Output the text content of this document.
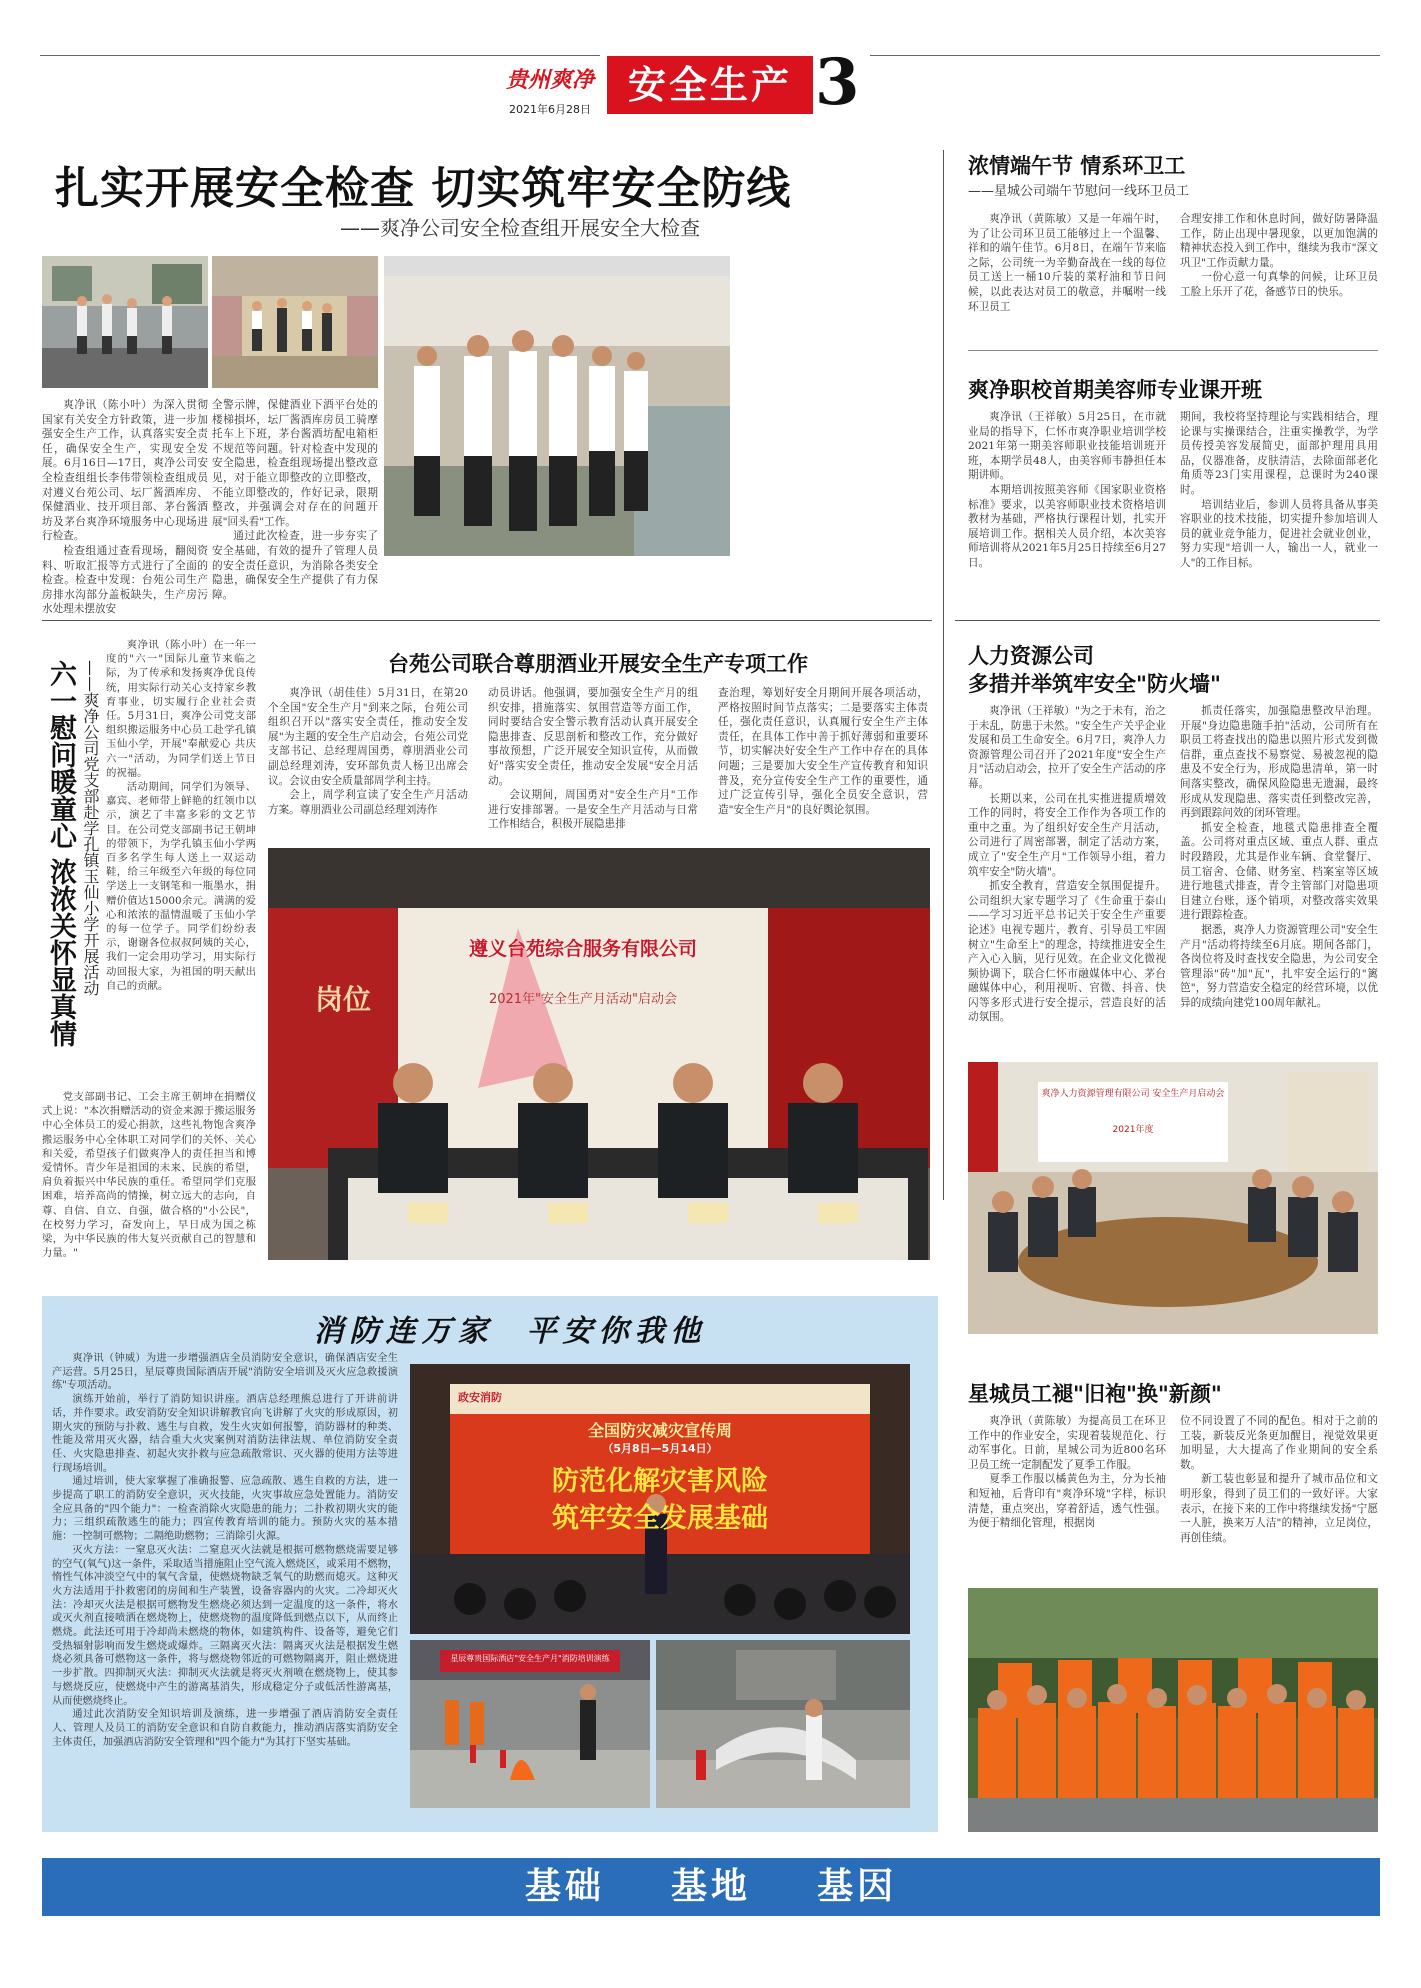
贵州爽净
2021年6月28日
安全生产 3
扎实开展安全检查 切实筑牢安全防线
——爽净公司安全检查组开展安全大检查

爽净讯（陈小叶）为深入贯彻国家有关安全方针政策，进一步加强安全生产工作，认真落实安全责任，确保安全生产，实现安全发展。6月16日—17日，爽净公司安全检查组组长李伟带领检查组成员对遵义台苑公司、坛厂酱酒库房、保健酒业、技开项目部、茅台酱酒坊及茅台爽净环境服务中心现场进行检查。

检查组通过查看现场，翻阅资料、听取汇报等方式进行了全面的检查。检查中发现：台苑公司生产房排水沟部分盖板缺失，生产房污水处理未摆放安

全警示牌，保健酒业下酒平台处的楼梯損坏，坛厂酱酒库房员工骑摩托车上下班，茅台酱酒坊配电箱柜不规范等问题。针对检查中发现的安全隐患，检查组现场提出整改意见，对于能立即整改的立即整改，不能立即整改的，作好记录，限期整改，并强调会对存在的问题开展"回头看"工作。

通过此次检查，进一步夯实了安全基础，有效的提升了管理人员的安全责任意识，为消除各类安全隐患，确保安全生产提供了有力保障。

浓情端午节 情系环卫工
——星城公司端午节慰问一线环卫员工

爽净讯（黄陈敏）又是一年端午时，为了让公司环卫员工能够过上一个温馨、祥和的端午佳节。6月8日，在端午节来临之际，公司统一为辛勤奋战在一线的每位员工送上一桶10斤装的菜籽油和节日问候，以此表达对员工的敬意，并嘱咐一线环卫员工

合理安排工作和休息时间，做好防暑降温工作，防止出现中暑现象，以更加饱满的精神状态投入到工作中，继续为我市"深文巩卫"工作贡献力量。

一份心意一句真挚的问候，让环卫员工脸上乐开了花，备感节日的快乐。

爽净职校首期美容师专业课开班

爽净讯（王祥敏）5月25日，在市就业局的指导下，仁怀市爽净职业培训学校2021年第一期美容师职业技能培训班开班，本期学员48人，由美容师韦静担任本期讲师。

本期培训按照美容师《国家职业资格标准》要求，以美容师职业技术资格培训教材为基础，严格执行课程计划，扎实开展培训工作。据相关人员介绍，本次美容师培训将从2021年5月25日持续至6月27日。

期间，我校将坚持理论与实践相结合，理论课与实操课结合，注重实操教学，为学员传授美容发展简史，面部护理用具用品，仪器准备，皮肤清洁，去除面部老化角质等23门实用课程，总课时为240课时。

培训结业后，参训人员将具备从事美容职业的技术技能，切实提升参加培训人员的就业竞争能力，促进社会就业创业，努力实现"培训一人，输出一人，就业一人"的工作目标。

六一慰问暖童心 浓浓关怀显真情 ——爽净公司党支部赴学孔镇玉仙小学开展活动

爽净讯（陈小叶）在一年一度的"六一"国际儿童节来临之际，为了传承和发扬爽净优良传统，用实际行动关心支持家乡教育事业，切实履行企业社会责任。5月31日，爽净公司党支部组织搬运服务中心员工赴学孔镇玉仙小学，开展"奉献爱心 共庆六一"活动，为同学们送上节日的祝福。

活动期间，同学们为领导、嘉宾、老师带上鲜艳的红领巾以示，演艺了丰富多彩的文艺节目。在公司党支部副书记王朝坤的带领下，为学孔镇玉仙小学两百多名学生每人送上一双运动鞋，给三年级至六年级的每位同学送上一支钢笔和一瓶墨水，捐赠价值达15000余元。满满的爱心和浓浓的温情温暖了玉仙小学的每一位学子。同学们纷纷表示，谢谢各位叔叔阿姨的关心，我们一定会用功学习，用实际行动回报大家，为祖国的明天献出自己的贡献。

党支部副书记、工会主席王朝坤在捐赠仪式上说："本次捐赠活动的资金来源于搬运服务中心全体员工的爱心捐款，这些礼物饱含爽净搬运服务中心全体职工对同学们的关怀、关心和关爱，希望孩子们做爽净人的责任担当和博爱情怀。青少年是祖国的未来、民族的希望，肩负着振兴中华民族的重任。希望同学们克服困难，培养高尚的情操，树立远大的志向，自尊、自信、自立、自强，做合格的"小公民"，在校努力学习，奋发向上，早日成为国之栋梁，为中华民族的伟大复兴贡献自己的智慧和力量。"

台苑公司联合尊朋酒业开展安全生产专项工作

爽净讯（胡佳佳）5月31日，在第20个全国"安全生产月"到来之际，台苑公司组织召开以"落实安全责任，推动安全发展"为主题的安全生产启动会，台苑公司党支部书记、总经理周国勇，尊朋酒业公司副总经理刘涛，安环部负责人杨卫出席会议。会议由安全质量部周学利主持。

会上，周学利宣读了安全生产月活动方案。尊朋酒业公司副总经理刘涛作

动员讲话。他强调，要加强安全生产月的组织安排，措施落实、氛围营造等方面工作，同时要结合安全警示教育活动认真开展安全隐患排查、反思剖析和整改工作，充分做好事故预想，广泛开展安全知识宣传，从而做好"落实安全责任，推动安全发展"安全月活动。

会议期间，周国勇对"安全生产月"工作进行安排部署。一是安全生产月活动与日常工作相结合，积极开展隐患排

查治理，筹划好安全月期间开展各项活动，严格按照时间节点落实；二是要落实主体责任，强化责任意识，认真履行安全生产主体责任，在具体工作中善于抓好薄弱和重要环节，切实解决好安全生产工作中存在的具体问题；三是要加大安全生产宣传教育和知识普及，充分宣传安全生产工作的重要性，通过广泛宣传引导，强化全员安全意识，营造"安全生产月"的良好舆论氛围。

遵义台苑综合服务有限公司
2021年"安全生产月活动"启动会
岗位
人力资源公司
多措并举筑牢安全"防火墙"

爽净讯（王祥敏）"为之于未有，治之于未乱，防患于未然。"安全生产关乎企业发展和员工生命安全。6月7日，爽净人力资源管理公司召开了2021年度"安全生产月"活动启动会，拉开了安全生产活动的序幕。

长期以来，公司在扎实推进提质增效工作的同时，将安全工作作为各项工作的重中之重。为了组织好安全生产月活动，公司进行了周密部署，制定了活动方案，成立了"安全生产月"工作领导小组，着力筑牢安全"防火墙"。

抓安全教育，营造安全氛围促提升。公司组织大家专题学习了《生命重于泰山——学习习近平总书记关于安全生产重要论述》电视专题片，教育、引导员工牢固树立"生命至上"的理念，持续推进安全生产入心入脑，见行见效。在企业文化微视频协调下，联合仁怀市融媒体中心、茅台融媒体中心，利用视听、官微、抖音、快闪等多形式进行安全提示，营造良好的活动氛围。

抓责任落实，加强隐患整改早治理。开展"身边隐患随手拍"活动，公司所有在职员工将查找出的隐患以照片形式发到微信群，重点查找不易察觉、易被忽视的隐患及不安全行为，形成隐患清单，第一时间落实整改，确保风险隐患无遗漏，最终形成从发现隐患、落实责任到整改完善，再到跟踪问效的闭环管理。

抓安全检查，地毯式隐患排查全覆盖。公司将对重点区域、重点人群、重点时段踏段，尤其是作业车辆、食堂餐厅、员工宿舍、仓储、财务室、档案室等区域进行地毯式排查，青令主管部门对隐患项目建立台账，逐个销项，对整改落实效果进行跟踪检查。

据悉，爽净人力资源管理公司"安全生产月"活动将持续至6月底。期间各部门，各岗位将及时查找安全隐患，为公司安全管理添"砖"加"瓦"，扎牢安全运行的"篱笆"，努力营造安全稳定的经营环境，以优异的成绩向建党100周年献礼。

爽净人力资源管理有限公司 安全生产月启动会
2021年度
消防连万家  平安你我他

爽净讯（钟威）为进一步增强酒店全员消防安全意识，确保酒店安全生产运营。5月25日，星辰尊贵国际酒店开展"消防安全培训及灭火应急救援演练"专项活动。

演练开始前，举行了消防知识讲座。酒店总经理熊总进行了开讲前讲话，并作要求。政安消防安全知识讲解教官向飞讲解了火灾的形成原因，初期火灾的预防与扑救、逃生与自救，发生火灾如何报警，消防器材的种类、性能及常用灭火器，结合重大火灾案例对消防法律法规、单位消防安全责任、火灾隐患排查、初起火灾扑救与应急疏散常识、灭火器的使用方法等进行现场培训。

通过培训，使大家掌握了准确报警、应急疏散、逃生自救的方法，进一步提高了职工的消防安全意识，灭火技能，火灾事故应急处置能力。消防安全应具备的"四个能力"：一检查消除火灾隐患的能力；二扑救初期火灾的能力；三组织疏散逃生的能力；四宣传教育培训的能力。预防火灾的基本措施：一控制可燃物；二隔绝助燃物；三消除引火源。

灭火方法：一窒息灭火法：二窒息灭火法就是根据可燃物燃烧需要足够的空气(氧气)这一条件，采取适当措施阻止空气流入燃烧区，或采用不燃物，惰性气体冲淡空气中的氧气含量，使燃烧物缺乏氧气的助燃而熄灭。这种灭火方法适用于扑救密闭的房间和生产装置，设备容器内的火灾。二冷却灭火法：冷却灭火法是根据可燃物发生燃烧必须达到一定温度的这一条件，将水或灭火剂直接喷洒在燃烧物上，使燃烧物的温度降低到燃点以下，从而终止燃烧。此法还可用于冷却尚未燃烧的物体，如建筑构件、设备等，避免它们受热辐射影响而发生燃烧或爆炸。三隔离灭火法：隔离灭火法是根据发生燃烧必须具备可燃物这一条件，将与燃烧物邻近的可燃物隔离开，阻止燃烧进一步扩散。四抑制灭火法：抑制灭火法就是将灭火剂喷在燃烧物上，使其参与燃烧反应，使燃烧中产生的游离基消失，形成稳定分子或低活性游离基，从而使燃烧终止。

通过此次消防安全知识培训及演练，进一步增强了酒店消防安全责任人、管理人及员工的消防安全意识和自防自救能力，推动酒店落实消防安全主体责任，加强酒店消防安全管理和"四个能力"为其打下坚实基础。

政安消防
全国防灾减灾宣传周
（5月8日—5月14日）
防范化解灾害风险
筑牢安全发展基础
星辰尊贵国际酒店"安全生产月"消防培训演练
星城员工褪"旧袍"换"新颜"

爽净讯（黄陈敏）为提高员工在环卫工作中的作业安全，实现着装规范化、行动军事化。日前，星城公司为近800名环卫员工统一定制配发了夏季工作服。

夏季工作服以橘黄色为主，分为长袖和短袖，后背印有"爽净环境"字样，标识清楚，重点突出，穿着舒适，透气性强。为便于精细化管理，根据岗

位不同设置了不同的配色。相对于之前的工装，新装反光条更加醒目，视觉效果更加明显，大大提高了作业期间的安全系数。

新工装也彰显和提升了城市品位和文明形象，得到了员工们的一致好评。大家表示，在接下来的工作中将继续发扬"宁愿一人脏，换来万人洁"的精神，立足岗位，再创佳绩。

基础    基地    基因
